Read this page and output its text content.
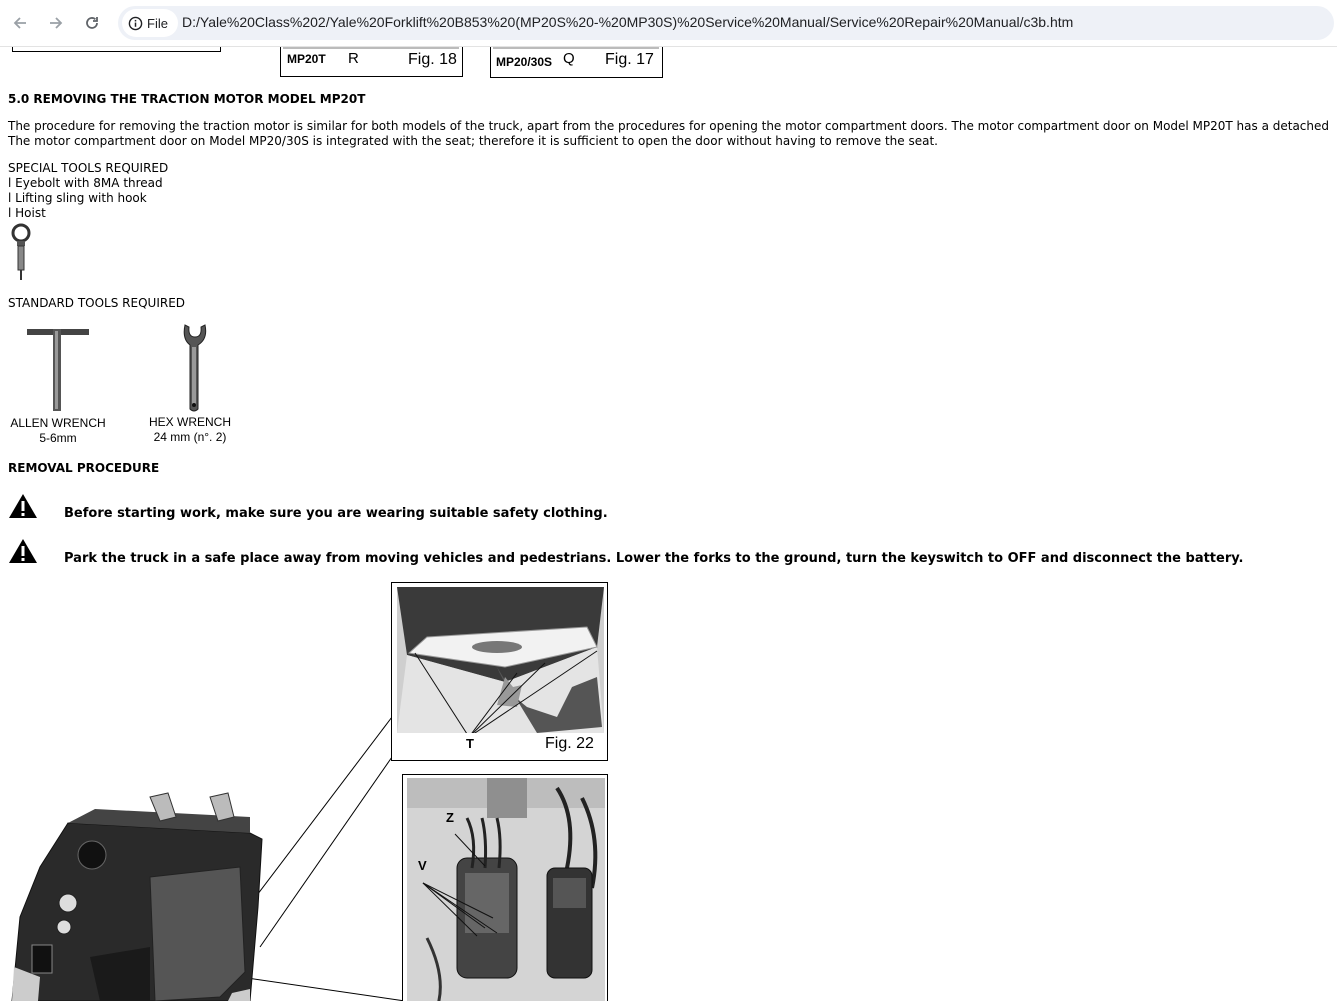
File D:/Yale%20Class%202/Yale%20Forklift%20B853%20(MP20S%20-%20MP30S)%20Service%20Manual/Service%20Repair%20Manual/c3b.htm
MP20T R	Fig. 18	MP20/30S Q Fig. 17
5.0 REMOVING THE TRACTION MOTOR MODEL MP20T
The procedure for removing the traction motor is similar for both models of the truck, apart from the procedures for opening the motor compartment doors. The motor compartment door on Model MP20T has a detached
The motor compartment door on Model MP20/30S is integrated with the seat; therefore it is sufficient to open the door without having to remove the seat.
SPECIAL TOOLS REQUIRED
l Eyebolt with 8MA thread
l Lifting sling with hook
l Hoist
STANDARD TOOLS REQUIRED
ALLEN WRENCH
5-6mm
HEX WRENCH
24 mm (n°. 2)
REMOVAL PROCEDURE
Before starting work, make sure you are wearing suitable safety clothing.
Park the truck in a safe place away from moving vehicles and pedestrians. Lower the forks to the ground, turn the keyswitch to OFF and disconnect the battery.
T	Fig. 22
Z
V
